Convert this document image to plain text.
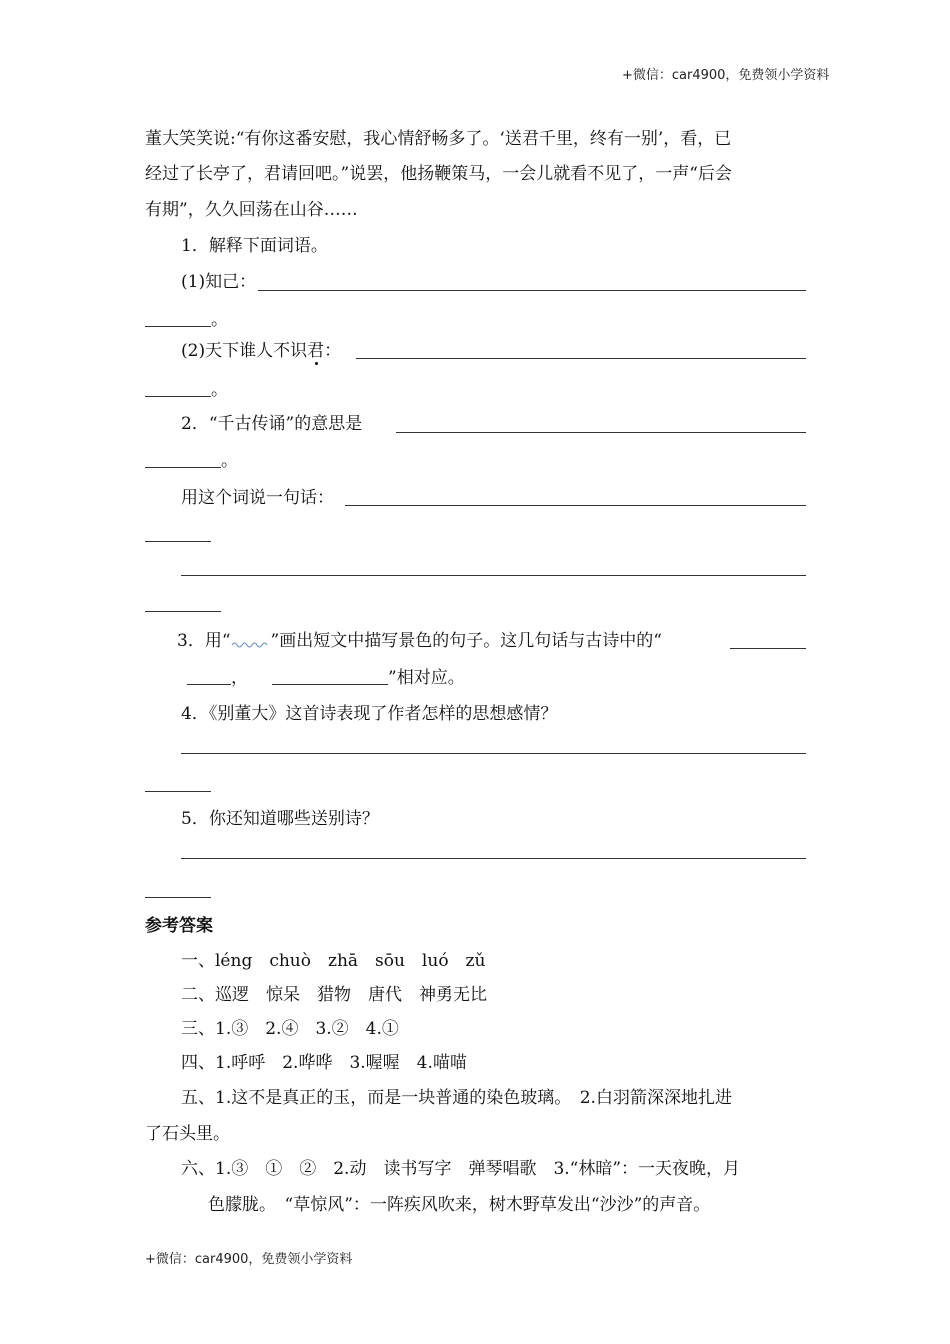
+微信：car4900，免费领小学资料
董大笑笑说:“有你这番安慰，我心情舒畅多了。‘送君千里，终有一别’，看，已
经过了长亭了，君请回吧。”说罢，他扬鞭策马，一会儿就看不见了，一声“后会
有期”，久久回荡在山谷……
1．解释下面词语。
(1)知己：
。
(2)天下谁人不识君：
。
2．“千古传诵”的意思是
。
用这个词说一句话：
3．用“ ”画出短文中描写景色的句子。这几句话与古诗中的“
，	”相对应。
4．《别董大》这首诗表现了作者怎样的思想感情？
5．你还知道哪些送别诗？
参考答案
一、léng　chuò　zhā　sōu　luó　zǔ
二、巡逻　惊呆　猎物　唐代　神勇无比
三、1.③　2.④　3.②　4.①
四、1.呼呼　2.哗哗　3.喔喔　4.喵喵
五、1.这不是真正的玉，而是一块普通的染色玻璃。　2.白羽箭深深地扎进
了石头里。
六、1.③　①　②　2.动　读书写字　弹琴唱歌　3.“林暗”：一天夜晚，月
色朦胧。　“草惊风”：一阵疾风吹来，树木野草发出“沙沙”的声音。
+微信：car4900，免费领小学资料
